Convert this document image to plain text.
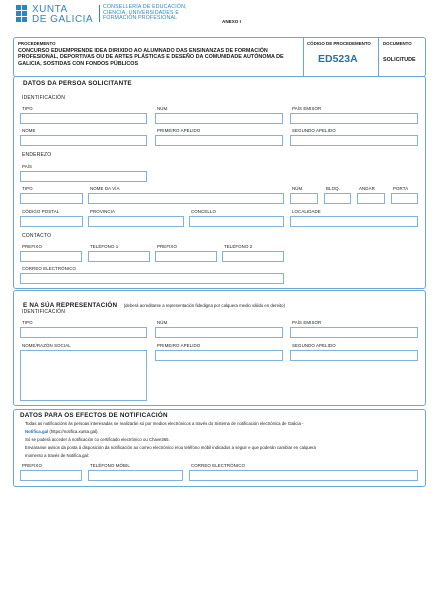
XUNTA
DE GALICIA
CONSELLERÍA DE EDUCACIÓN,
CIENCIA, UNIVERSIDADES E
FORMACIÓN PROFESIONAL
ANEXO I
PROCEDEMENTO
CONCURSO EDUEMPRENDE IDEA DIRIXIDO AO ALUMNADO DAS ENSINANZAS DE FORMACIÓN PROFESIONAL, DEPORTIVAS OU DE ARTES PLÁSTICAS E DESEÑO DA COMUNIDADE AUTÓNOMA DE GALICIA, SOSTIDAS CON FONDOS PÚBLICOS
CÓDIGO DE PROCEDEMENTO
ED523A
DOCUMENTO
SOLICITUDE
DATOS DA PERSOA SOLICITANTE
IDENTIFICACIÓN
TIPO	NÚM.	PAÍS EMISOR
NOME	PRIMEIRO APELIDO	SEGUNDO APELIDO
ENDEREZO
PAÍS
TIPO	NOME DA VÍA	NÚM.	BLOQ.	ANDAR	PORTA
CÓDIGO POSTAL	PROVINCIA	CONCELLO	LOCALIDADE
CONTACTO
PREFIXO	TELÉFONO 1	PREFIXO	TELÉFONO 2
CORREO ELECTRÓNICO
E NA SÚA REPRESENTACIÓN (deberá acreditarse a representación fidedigna por calquera medio válido en dereito)
IDENTIFICACIÓN
TIPO	NÚM.	PAÍS EMISOR
NOME/RAZÓN SOCIAL	PRIMEIRO APELIDO	SEGUNDO APELIDO
DATOS PARA OS EFECTOS DE NOTIFICACIÓN
Todas as notificacións ás persoas interesadas se realizarán só por medios electrónicos a través do Sistema de notificación electrónica de Galicia -
Notifica.gal (https://notifica.xunta.gal).
Só se poderá acceder á notificación co certificado electrónico ou Chave365.
Enviaranse avisos da posta á disposición da notificación ao correo electrónico e/ou teléfono móbil indicados a seguir e que poderán cambiar en calquera
momento a través de Notifica.gal:
PREFIXO	TELÉFONO MÓBIL	CORREO ELECTRÓNICO
